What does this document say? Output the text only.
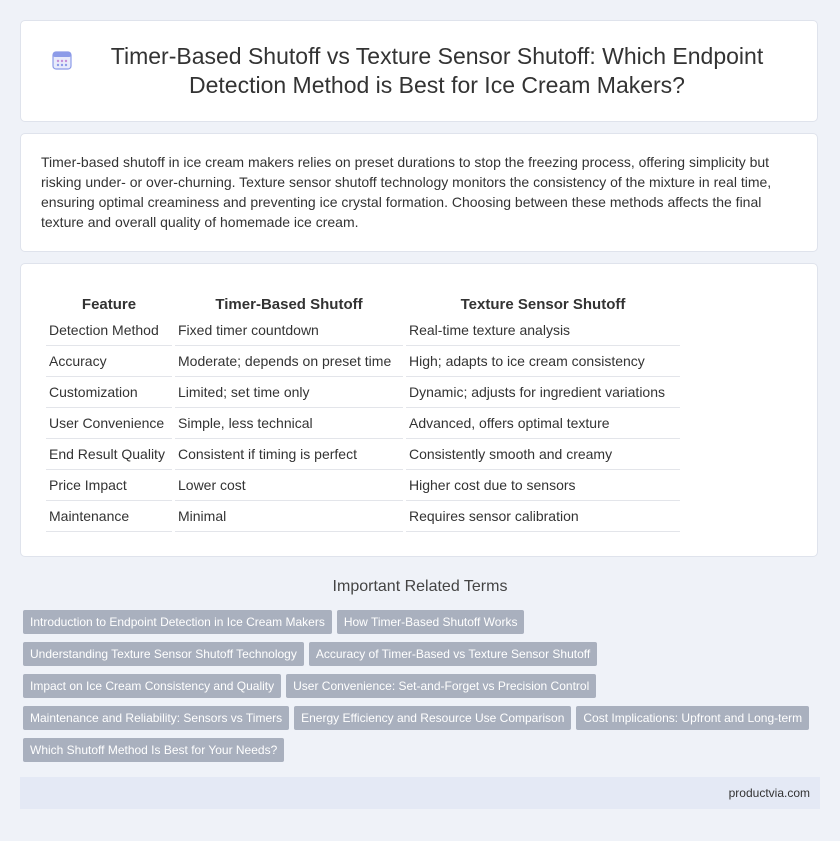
Timer-Based Shutoff vs Texture Sensor Shutoff: Which Endpoint Detection Method is Best for Ice Cream Makers?

Timer-based shutoff in ice cream makers relies on preset durations to stop the freezing process, offering simplicity but risking under- or over-churning. Texture sensor shutoff technology monitors the consistency of the mixture in real time, ensuring optimal creaminess and preventing ice crystal formation. Choosing between these methods affects the final texture and overall quality of homemade ice cream.

Feature	Timer-Based Shutoff	Texture Sensor Shutoff
Detection Method	Fixed timer countdown	Real-time texture analysis
Accuracy	Moderate; depends on preset time	High; adapts to ice cream consistency
Customization	Limited; set time only	Dynamic; adjusts for ingredient variations
User Convenience	Simple, less technical	Advanced, offers optimal texture
End Result Quality	Consistent if timing is perfect	Consistently smooth and creamy
Price Impact	Lower cost	Higher cost due to sensors
Maintenance	Minimal	Requires sensor calibration
Important Related Terms
Introduction to Endpoint Detection in Ice Cream Makers How Timer-Based Shutoff Works
Understanding Texture Sensor Shutoff Technology Accuracy of Timer-Based vs Texture Sensor Shutoff
Impact on Ice Cream Consistency and Quality User Convenience: Set-and-Forget vs Precision Control
Maintenance and Reliability: Sensors vs Timers Energy Efficiency and Resource Use Comparison Cost Implications: Upfront and Long-term
Which Shutoff Method Is Best for Your Needs?
productvia.com
